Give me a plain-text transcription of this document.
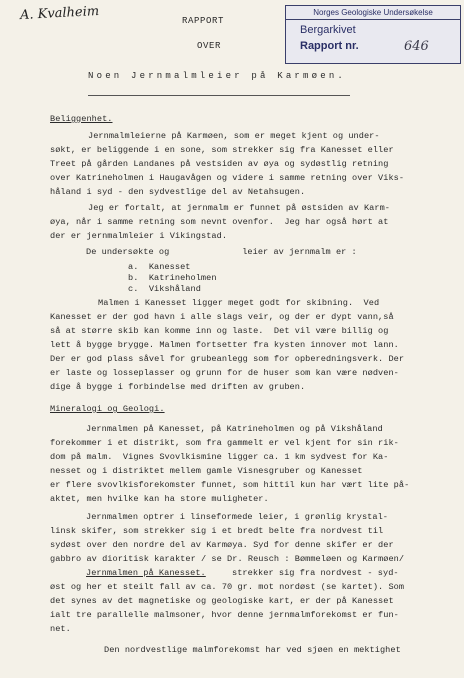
A. Kvalheim	Norges Geologiske Undersøkelse
Bergarkivet
Rapport nr.	646
RAPPORT
OVER
Noen Jernmalmleier på Karmøen.
Beliggenhet.
Jernmalmleierne på Karmøen, som er meget kjent og under-
søkt, er beliggende i en sone, som strekker sig fra Kanesset eller
Treet på gården Landanes på vestsiden av øya og sydøstlig retning
over Katrineholmen i Haugavågen og videre i samme retning over Viks-
håland i syd - den sydvestlige del av Netahsugen.
Jeg er fortalt, at jernmalm er funnet på østsiden av Karm-
øya, når i samme retning som nevnt ovenfor.  Jeg har også hørt at
der er jernmalmleier i Vikingstad.
De undersøkte og              leier av jernmalm er :
a.  Kanesset
b.  Katrineholmen
c.  Vikshåland
Malmen i Kanesset ligger meget godt for skibning.  Ved
Kanesset er der god havn i alle slags veir, og der er dypt vann,så
så at større skib kan komme inn og laste.  Det vil være billig og
lett å bygge brygge. Malmen fortsetter fra kysten innover mot lann.
Der er god plass såvel for grubeanlegg som for opberedningsverk. Der
er laste og losseplasser og grunn for de huser som kan være nødven-
dige å bygge i forbindelse med driften av gruben.
Mineralogi og Geologi.
Jernmalmen på Kanesset, på Katrineholmen og på Vikshåland
forekommer i et distrikt, som fra gammelt er vel kjent for sin rik-
dom på malm.  Vignes Svovlkismine ligger ca. 1 km sydvest for Ka-
nesset og i distriktet mellem gamle Visnesgruber og Kanesset
er flere svovlkisforekomster funnet, som hittil kun har vært lite på-
aktet, men hvilke kan ha store muligheter.
Jernmalmen optrer i linseformede leier, i grønlig krystal-
linsk skifer, som strekker sig i et bredt belte fra nordvest til
sydøst over den nordre del av Karmøya. Syd for denne skifer er der
gabbro av dioritisk karakter / se Dr. Reusch : Bømmeløen og Karmøen/
Jernmalmen på Kanesset.	strekker sig fra nordvest - syd-
øst og her et steilt fall av ca. 70 gr. mot nordøst (se kartet). Som
det synes av det magnetiske og geologiske kart, er der på Kanesset
ialt tre parallelle malmsoner, hvor denne jernmalmforekomst er fun-
net.
Den nordvestlige malmforekomst har ved sjøen en mektighet
